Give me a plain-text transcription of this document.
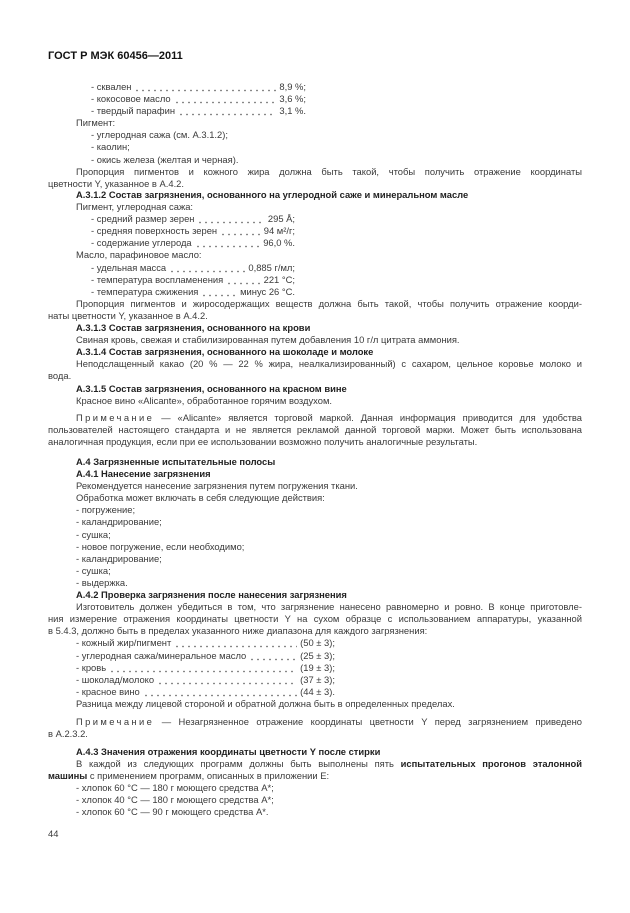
ГОСТ Р МЭК 60456—2011
- сквален	8,9 %;
- кокосовое масло	3,6 %;
- твердый парафин	3,1 %.
Пигмент:
- углеродная сажа (см. А.3.1.2);
- каолин;
- окись железа (желтая и черная).
Пропорция пигментов и кожного жира должна быть такой, чтобы получить отражение координаты
цветности Y, указанное в А.4.2.
А.3.1.2 Состав загрязнения, основанного на углеродной саже и минеральном масле
Пигмент, углеродная сажа:
- средний размер зерен	295 Å;
- средняя поверхность зерен	94 м²/г;
- содержание углерода	96,0 %.
Масло, парафиновое масло:
- удельная масса	0,885 г/мл;
- температура воспламенения	221 °С;
- температура сжижения	минус 26 °С.
Пропорция пигментов и жиросодержащих веществ должна быть такой, чтобы получить отражение коорди-
наты цветности Y, указанное в А.4.2.
А.3.1.3 Состав загрязнения, основанного на крови
Свиная кровь, свежая и стабилизированная путем добавления 10 г/л цитрата аммония.
А.3.1.4 Состав загрязнения, основанного на шоколаде и молоке
Неподслащенный какао (20 % — 22 % жира, неалкализированный) с сахаром, цельное коровье молоко и
вода.
А.3.1.5 Состав загрязнения, основанного на красном вине
Красное вино «Alicante», обработанное горячим воздухом.
Примечание — «Alicante» является торговой маркой. Данная информация приводится для удобства
пользователей настоящего стандарта и не является рекламой данной торговой марки. Может быть использована
аналогичная продукция, если при ее использовании возможно получить аналогичные результаты.
А.4 Загрязненные испытательные полосы
А.4.1 Нанесение загрязнения
Рекомендуется нанесение загрязнения путем погружения ткани.
Обработка может включать в себя следующие действия:
- погружение;
- каландрирование;
- сушка;
- новое погружение, если необходимо;
- каландрирование;
- сушка;
- выдержка.
А.4.2 Проверка загрязнения после нанесения загрязнения
Изготовитель должен убедиться в том, что загрязнение нанесено равномерно и ровно. В конце приготовле-
ния измерение отражения координаты цветности Y на сухом образце с использованием аппаратуры, указанной
в 5.4.3, должно быть в пределах указанного ниже диапазона для каждого загрязнения:
- кожный жир/пигмент	(50 ± 3);
- углеродная сажа/минеральное масло	(25 ± 3);
- кровь	(19 ± 3);
- шоколад/молоко	(37 ± 3);
- красное вино	(44 ± 3).
Разница между лицевой стороной и обратной должна быть в определенных пределах.
Примечание — Незагрязненное отражение координаты цветности Y перед загрязнением приведено
в А.2.3.2.
А.4.3 Значения отражения координаты цветности Y после стирки
В каждой из следующих программ должны быть выполнены пять испытательных прогонов эталонной
машины с применением программ, описанных в приложении Е:
- хлопок 60 °С — 180 г моющего средства А*;
- хлопок 40 °С — 180 г моющего средства А*;
- хлопок 60 °С — 90 г моющего средства А*.
44
